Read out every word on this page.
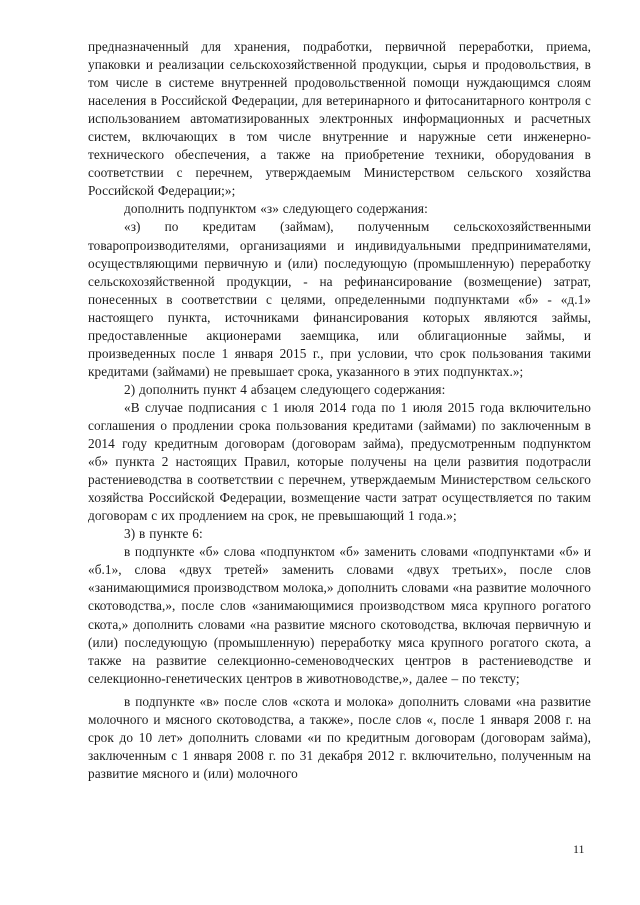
предназначенный для хранения, подработки, первичной переработки, приема, упаковки и реализации сельскохозяйственной продукции, сырья и продовольствия, в том числе в системе внутренней продовольственной помощи нуждающимся слоям населения в Российской Федерации, для ветеринарного и фитосанитарного контроля с использованием автоматизированных электронных информационных и расчетных систем, включающих в том числе внутренние и наружные сети инженерно-технического обеспечения, а также на приобретение техники, оборудования в соответствии с перечнем, утверждаемым Министерством сельского хозяйства Российской Федерации;»;

дополнить подпунктом «з» следующего содержания:

«з) по кредитам (займам), полученным сельскохозяйственными товаропроизводителями, организациями и индивидуальными предпринимателями, осуществляющими первичную и (или) последующую (промышленную) переработку сельскохозяйственной продукции, - на рефинансирование (возмещение) затрат, понесенных в соответствии с целями, определенными подпунктами «б» - «д.1» настоящего пункта, источниками финансирования которых являются займы, предоставленные акционерами заемщика, или облигационные займы, и произведенных после 1 января 2015 г., при условии, что срок пользования такими кредитами (займами) не превышает срока, указанного в этих подпунктах.»;

2) дополнить пункт 4 абзацем следующего содержания:

«В случае подписания с 1 июля 2014 года по 1 июля 2015 года включительно соглашения о продлении срока пользования кредитами (займами) по заключенным в 2014 году кредитным договорам (договорам займа), предусмотренным подпунктом «б» пункта 2 настоящих Правил, которые получены на цели развития подотрасли растениеводства в соответствии с перечнем, утверждаемым Министерством сельского хозяйства Российской Федерации, возмещение части затрат осуществляется по таким договорам с их продлением на срок, не превышающий 1 года.»;

3) в пункте 6:

в подпункте «б» слова «подпунктом «б» заменить словами «подпунктами «б» и «б.1», слова «двух третей» заменить словами «двух третьих», после слов «занимающимися производством молока,» дополнить словами «на развитие молочного скотоводства,», после слов «занимающимися производством мяса крупного рогатого скота,» дополнить словами «на развитие мясного скотоводства, включая первичную и (или) последующую (промышленную) переработку мяса крупного рогатого скота, а также на развитие селекционно-семеноводческих центров в растениеводстве и селекционно-генетических центров в животноводстве,», далее – по тексту;

в подпункте «в» после слов «скота и молока» дополнить словами «на развитие молочного и мясного скотоводства, а также», после слов «, после 1 января 2008 г. на срок до 10 лет» дополнить словами «и по кредитным договорам (договорам займа), заключенным с 1 января 2008 г. по 31 декабря 2012 г. включительно, полученным на развитие мясного и (или) молочного

11
